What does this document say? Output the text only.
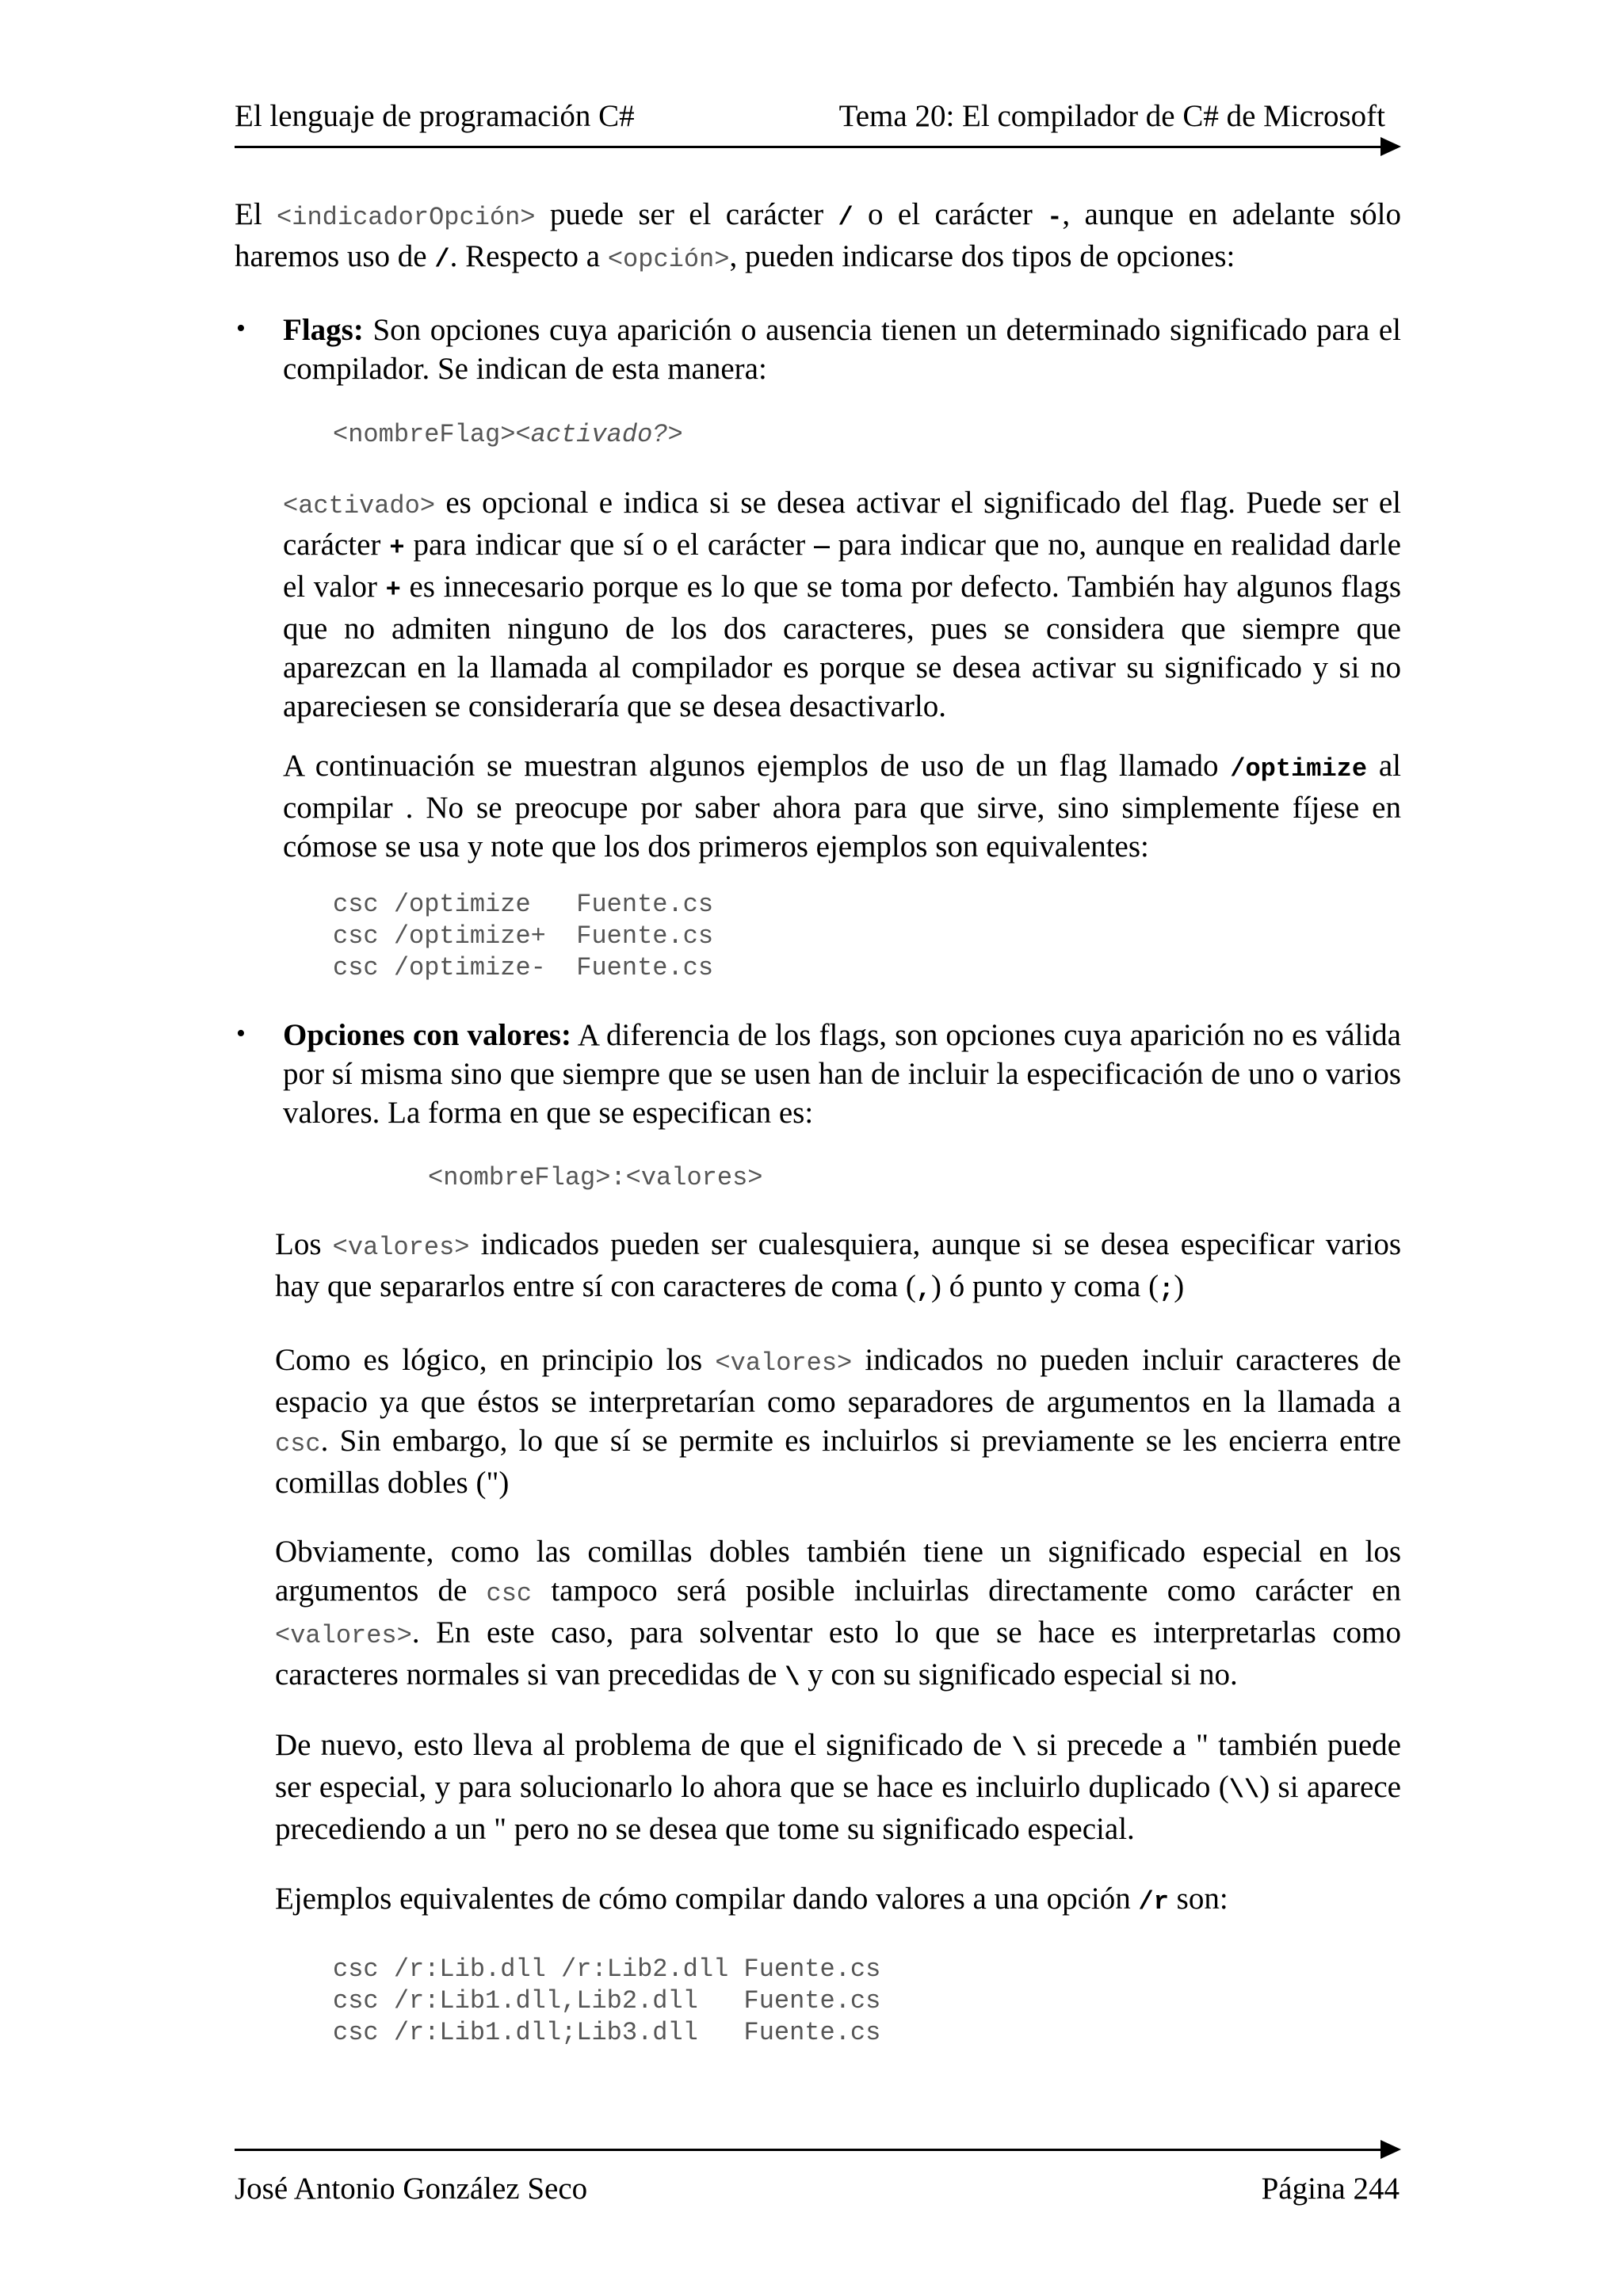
El lenguaje de programación C#	Tema 20: El compilador de C# de Microsoft

El <indicadorOpción> puede ser el carácter / o el carácter -, aunque en adelante sólo haremos uso de /. Respecto a <opción>, pueden indicarse dos tipos de opciones:

• Flags: Son opciones cuya aparición o ausencia tienen un determinado significado para el compilador. Se indican de esta manera:

<nombreFlag><activado?>

<activado> es opcional e indica si se desea activar el significado del flag. Puede ser el carácter + para indicar que sí o el carácter – para indicar que no, aunque en realidad darle el valor + es innecesario porque es lo que se toma por defecto. También hay algunos flags que no admiten ninguno de los dos caracteres, pues se considera que siempre que aparezcan en la llamada al compilador es porque se desea activar su significado y si no apareciesen se consideraría que se desea desactivarlo.

A continuación se muestran algunos ejemplos de uso de un flag llamado /optimize al compilar . No se preocupe por saber ahora para que sirve, sino simplemente fíjese en cómose se usa y note que los dos primeros ejemplos son equivalentes:

csc /optimize   Fuente.cs
csc /optimize+  Fuente.cs
csc /optimize-  Fuente.cs
• Opciones con valores: A diferencia de los flags, son opciones cuya aparición no es válida por sí misma sino que siempre que se usen han de incluir la especificación de uno o varios valores. La forma en que se especifican es:

<nombreFlag>:<valores>

Los <valores> indicados pueden ser cualesquiera, aunque si se desea especificar varios hay que separarlos entre sí con caracteres de coma (,) ó punto y coma (;)

Como es lógico, en principio los <valores> indicados no pueden incluir caracteres de espacio ya que éstos se interpretarían como separadores de argumentos en la llamada a csc. Sin embargo, lo que sí se permite es incluirlos si previamente se les encierra entre comillas dobles (")

Obviamente, como las comillas dobles también tiene un significado especial en los argumentos de csc tampoco será posible incluirlas directamente como carácter en <valores>. En este caso, para solventar esto lo que se hace es interpretarlas como caracteres normales si van precedidas de \ y con su significado especial si no.

De nuevo, esto lleva al problema de que el significado de \ si precede a " también puede ser especial, y para solucionarlo lo ahora que se hace es incluirlo duplicado (\\) si aparece precediendo a un " pero no se desea que tome su significado especial.

Ejemplos equivalentes de cómo compilar dando valores a una opción /r son:

csc /r:Lib.dll /r:Lib2.dll Fuente.cs
csc /r:Lib1.dll,Lib2.dll   Fuente.cs
csc /r:Lib1.dll;Lib3.dll   Fuente.cs
José Antonio González Seco	Página 244
